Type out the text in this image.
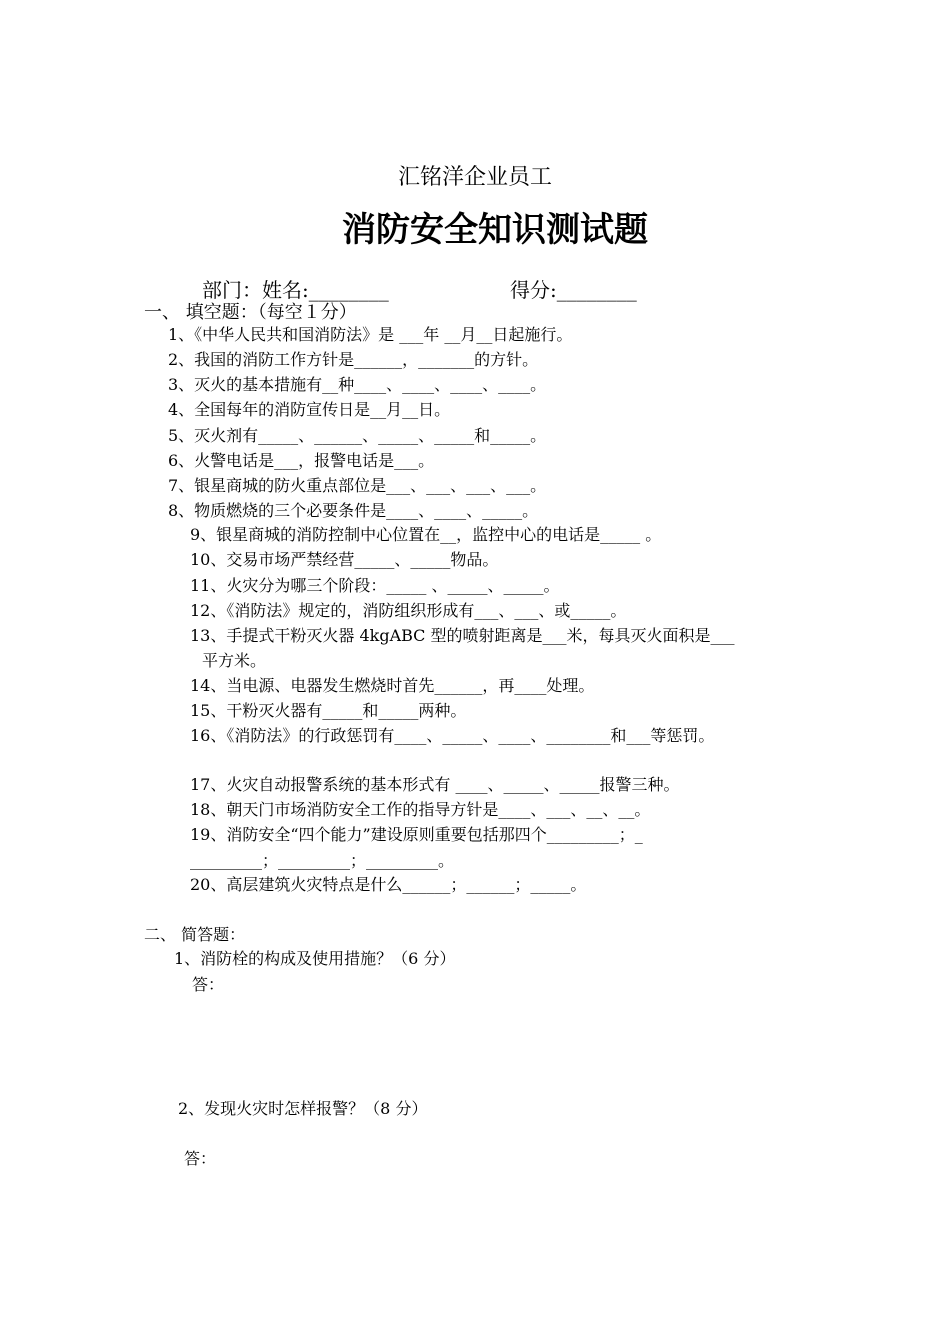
汇铭洋企业员工
消防安全知识测试题
部门：姓名:________	得分:________
一、 填空题：（每空１分）
1、《中华人民共和国消防法》是 ___年 __月__日起施行。
2、我国的消防工作方针是______，_______的方针。
3、灭火的基本措施有__种____、____、____、____。
4、全国每年的消防宣传日是__月__日。
5、灭火剂有_____、______、_____、_____和_____。
6、火警电话是___，报警电话是___。
7、银星商城的防火重点部位是___、___、___、___。
8、物质燃烧的三个必要条件是____、____、_____。
9、银星商城的消防控制中心位置在__，监控中心的电话是_____ 。
10、交易市场严禁经营_____、_____物品。
11、火灾分为哪三个阶段：_____ 、_____、_____。
12、《消防法》规定的，消防组织形成有___、___、或_____。
13、手提式干粉灭火器 4kgABC 型的喷射距离是___米，每具灭火面积是___
平方米。
14、当电源、电器发生燃烧时首先______，再____处理。
15、干粉灭火器有_____和_____两种。
16、《消防法》的行政惩罚有____、_____、____、________和___等惩罚。
17、火灾自动报警系统的基本形式有 ____、_____、_____报警三种。
18、朝天门市场消防安全工作的指导方针是____、___、__、__。
19、消防安全“四个能力”建设原则重要包括那四个_________；_
_________；_________；_________。
20、高层建筑火灾特点是什么______；______；_____。
二、 简答题：
1、消防栓的构成及使用措施？（6 分）
答：
2、发现火灾时怎样报警？（8 分）
答：
